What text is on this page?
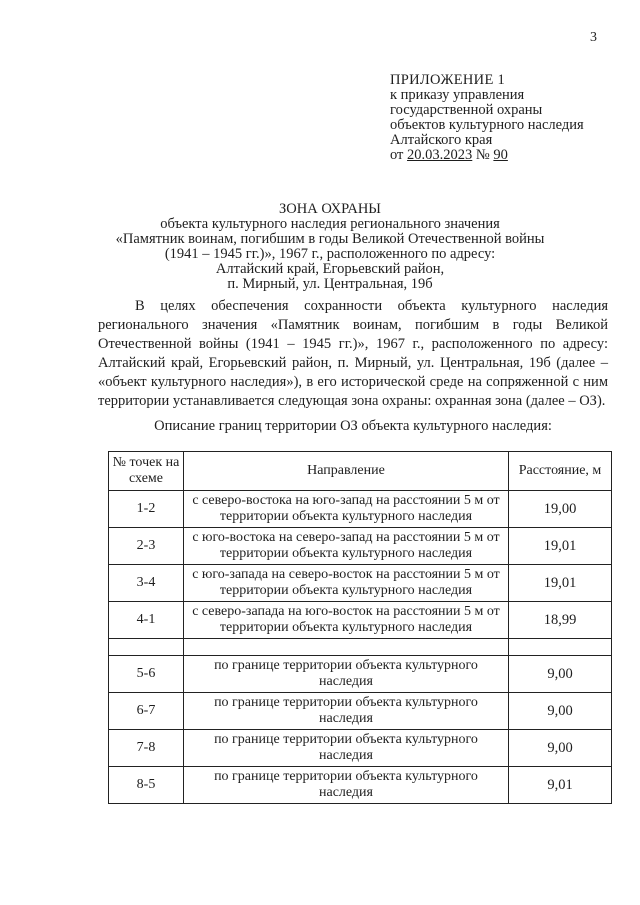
3
ПРИЛОЖЕНИЕ 1
к приказу управления
государственной охраны
объектов культурного наследия
Алтайского края
от 20.03.2023 № 90
ЗОНА ОХРАНЫ
объекта культурного наследия регионального значения
«Памятник воинам, погибшим в годы Великой Отечественной войны
(1941 – 1945 гг.)», 1967 г., расположенного по адресу:
Алтайский край, Егорьевский район,
п. Мирный, ул. Центральная, 19б
В целях обеспечения сохранности объекта культурного наследия регионального значения «Памятник воинам, погибшим в годы Великой Отечественной войны (1941 – 1945 гг.)», 1967 г., расположенного по адресу: Алтайский край, Егорьевский район, п. Мирный, ул. Центральная, 19б (далее – «объект культурного наследия»), в его исторической среде на сопряженной с ним территории устанавливается следующая зона охраны: охранная зона (далее – ОЗ).
Описание границ территории ОЗ объекта культурного наследия:
№ точек на схеме	Направление	Расстояние, м
1-2	с северо-востока на юго-запад на расстоянии 5 м от территории объекта культурного наследия	19,00
2-3	с юго-востока на северо-запад на расстоянии 5 м от территории объекта культурного наследия	19,01
3-4	с юго-запада на северо-восток на расстоянии 5 м от территории объекта культурного наследия	19,01
4-1	с северо-запада на юго-восток на расстоянии 5 м от территории объекта культурного наследия	18,99

5-6	по границе территории объекта культурного наследия	9,00
6-7	по границе территории объекта культурного наследия	9,00
7-8	по границе территории объекта культурного наследия	9,00
8-5	по границе территории объекта культурного наследия	9,01
